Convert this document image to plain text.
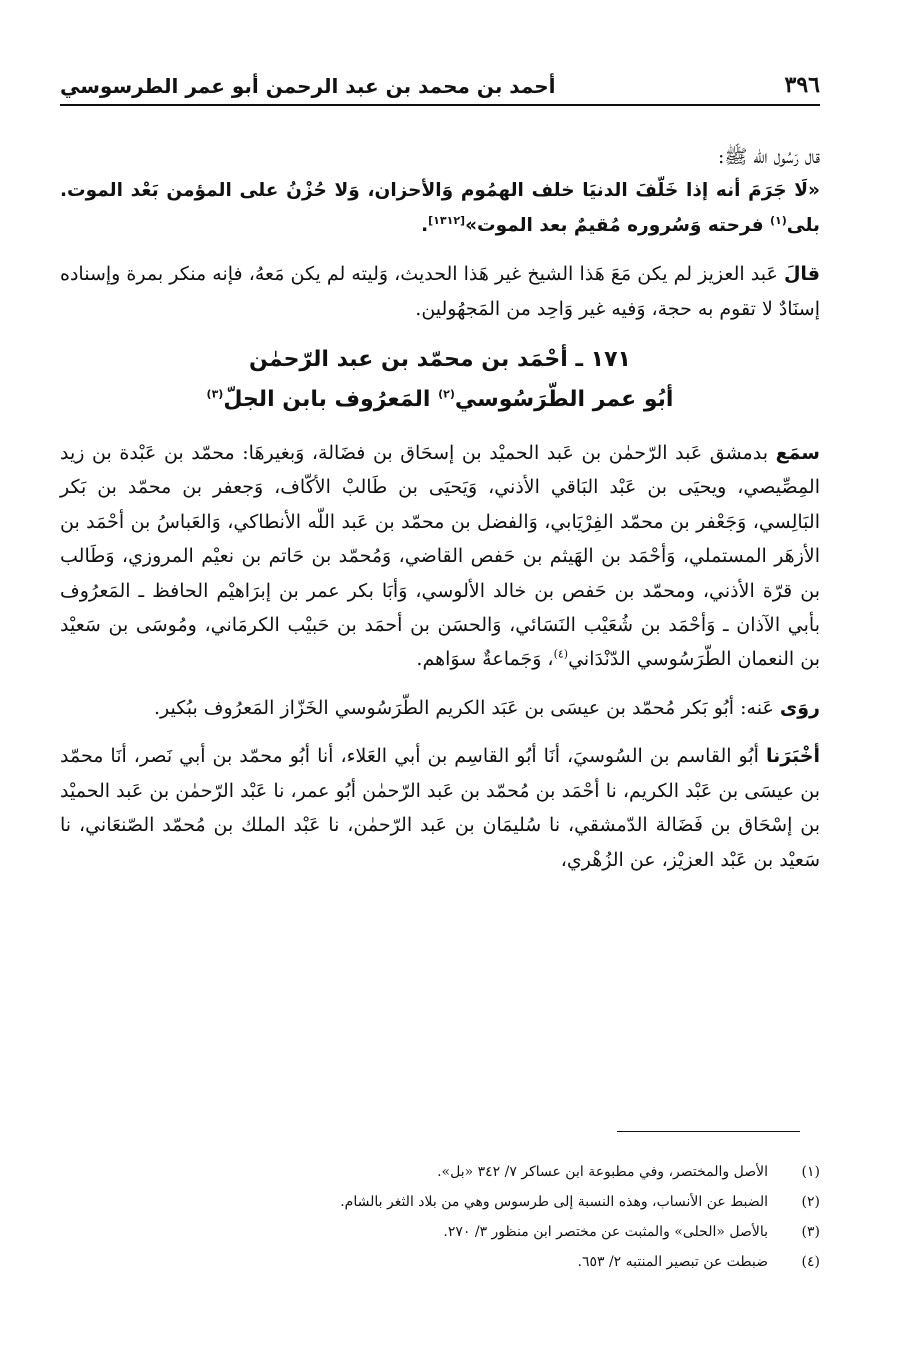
٣٩٦
أحمد بن محمد بن عبد الرحمن أبو عمر الطرسوسي

قال رَسُول الله ﷺ:

«لَا جَرَمَ أنه إذا خَلّفَ الدنيَا خلف الهمُوم وَالأحزان، وَلا حُزْنُ على المؤمن بَعْد الموت. بلى$^{(١)}$ فرحته وَسُروره مُقيمٌ بعد الموت»[١٣١٢].

قالَ عَبد العزيز لم يكن مَعَ هَذا الشيخ غير هَذا الحديث، وَليته لم يكن مَعهُ، فإنه منكر بمرة وإسناده إسنَادٌ لا تقوم به حجة، وَفيه غير وَاحِد من المَجهُولين.

١٧١ ـ أحْمَد بن محمّد بن عبد الرّحمٰن
أبُو عمر الطّرَسُوسي$^{(٢)}$ المَعرُوف بابن الجلّ$^{(٣)}$

سمَع بدمشق عَبد الرّحمٰن بن عَبد الحميْد بن إسحَاق بن فضَالة، وَبغيرهَا: محمّد بن عَبْدة بن زيد المِصِّيصي، ويحيَى بن عَبْد البَاقي الأذني، وَيَحيَى بن طَالبْ الأكّاف، وَجعفر بن محمّد بن بَكر البَالِسي، وَجَعْفر بن محمّد الفِرْيَابي، وَالفضل بن محمّد بن عَبد اللّه الأنطاكي، وَالعَباسُ بن أحْمَد بن الأزهَر المستملي، وَأحْمَد بن الهَيثم بن حَفص القاضي، وَمُحمّد بن حَاتم بن نعيْم المروزي، وَطَالب بن قرّة الأذني، ومحمّد بن حَفص بن خالد الألوسي، وَأبَا بكر عمر بن إبرَاهيْم الحافظ ـ المَعرُوف بأبي الآذان ـ وَأحْمَد بن شُعَيْب النَسَائي، وَالحسَن بن أحمَد بن حَبيْب الكرمَاني، ومُوسَى بن سَعيْد بن النعمان الطّرَسُوسي الدّنْدَاني$^{(٤)}$، وَجَماعةٌ سوَاهم.

روَى عَنه: أبُو بَكر مُحمّد بن عيسَى بن عَبَد الكريم الطّرَسُوسي الخَزّاز المَعرُوف ببُكير.

أخْبَرَنا أبُو القاسم بن السُوسيَ، أنَا أبُو القاسِم بن أبي العَلاء، أنا أبُو محمّد بن أبي نَصر، أنَا محمّد بن عيسَى بن عَبْد الكريم، نا أحْمَد بن مُحمّد بن عَبد الرّحمٰن أبُو عمر، نا عَبْد الرّحمٰن بن عَبد الحميْد بن إسْحَاق بن فَضَالة الدّمشقي، نا سُليمَان بن عَبد الرّحمٰن، نا عَبْد الملك بن مُحمّد الصّنعَاني، نا سَعيْد بن عَبْد العزيْز، عن الزُهْري،

(١)
الأصل والمختصر، وفي مطبوعة ابن عساكر ٧/ ٣٤٢ «بل».
(٢)
الضبط عن الأنساب، وهذه النسبة إلى طرسوس وهي من بلاد الثغر بالشام.
(٣)
بالأصل «الحلى» والمثبت عن مختصر ابن منظور ٣/ ٢٧٠.
(٤)
ضبطت عن تبصير المنتبه ٢/ ٦٥٣.
